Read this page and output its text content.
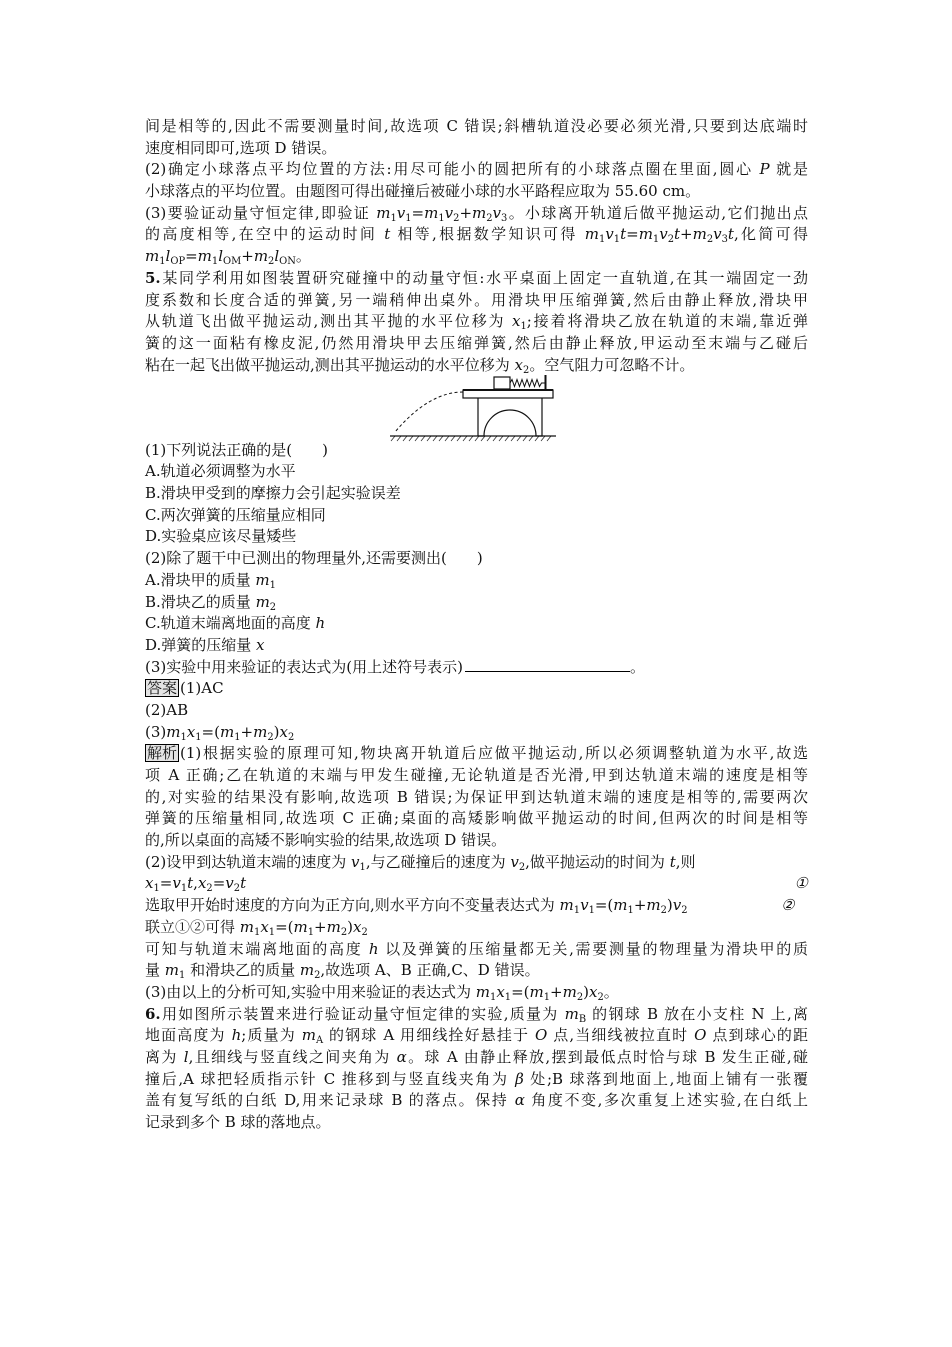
间是相等的,因此不需要测量时间,故选项 C 错误;斜槽轨道没必要必须光滑,只要到达底端时
速度相同即可,选项 D 错误。
(2)确定小球落点平均位置的方法:用尽可能小的圆把所有的小球落点圈在里面,圆心 P 就是
小球落点的平均位置。由题图可得出碰撞后被碰小球的水平路程应取为 55.60 cm。
(3)要验证动量守恒定律,即验证 $m_1v_1=m_1v_2+m_2v_3$。小球离开轨道后做平抛运动,它们抛出点
的高度相等,在空中的运动时间 t 相等,根据数学知识可得 $m_1v_1t=m_1v_2t+m_2v_3t$,化简可得
$m_1l_{OP}=m_1l_{OM}+m_2l_{ON}$。
5.某同学利用如图装置研究碰撞中的动量守恒:水平桌面上固定一直轨道,在其一端固定一劲
度系数和长度合适的弹簧,另一端稍伸出桌外。用滑块甲压缩弹簧,然后由静止释放,滑块甲
从轨道飞出做平抛运动,测出其平抛的水平位移为 $x_1$;接着将滑块乙放在轨道的末端,靠近弹
簧的这一面粘有橡皮泥,仍然用滑块甲去压缩弹簧,然后由静止释放,甲运动至末端与乙碰后
粘在一起飞出做平抛运动,测出其平抛运动的水平位移为 $x_2$。空气阻力可忽略不计。
(1)下列说法正确的是(　　)
A.轨道必须调整为水平
B.滑块甲受到的摩擦力会引起实验误差
C.两次弹簧的压缩量应相同
D.实验桌应该尽量矮些
(2)除了题干中已测出的物理量外,还需要测出(　　)
A.滑块甲的质量 $m_1$
B.滑块乙的质量 $m_2$
C.轨道末端离地面的高度 h
D.弹簧的压缩量 x
(3)实验中用来验证的表达式为(用上述符号表示)	。
答案 (1)AC
(2)AB
$(3)m_1x_1=(m_1+m_2)x_2$
解析 (1)根据实验的原理可知,物块离开轨道后应做平抛运动,所以必须调整轨道为水平,故选
项 A 正确;乙在轨道的末端与甲发生碰撞,无论轨道是否光滑,甲到达轨道末端的速度是相等
的,对实验的结果没有影响,故选项 B 错误;为保证甲到达轨道末端的速度是相等的,需要两次
弹簧的压缩量相同,故选项 C 正确;桌面的高矮影响做平抛运动的时间,但两次的时间是相等
的,所以桌面的高矮不影响实验的结果,故选项 D 错误。
(2)设甲到达轨道末端的速度为 $v_1$,与乙碰撞后的速度为 $v_2$,做平抛运动的时间为 t,则
①
$x_1=v_1t,x_2=v_2t$
②
选取甲开始时速度的方向为正方向,则水平方向不变量表达式为 $m_1v_1=(m_1+m_2)v_2$
联立①②可得 $m_1x_1=(m_1+m_2)x_2$
可知与轨道末端离地面的高度 h 以及弹簧的压缩量都无关,需要测量的物理量为滑块甲的质
量 $m_1$ 和滑块乙的质量 $m_2$,故选项 A、B 正确,C、D 错误。
(3)由以上的分析可知,实验中用来验证的表达式为 $m_1x_1=(m_1+m_2)x_2$。
6.用如图所示装置来进行验证动量守恒定律的实验,质量为 $m_B$ 的钢球 B 放在小支柱 N 上,离
地面高度为 h;质量为 $m_A$ 的钢球 A 用细线拴好悬挂于 O 点,当细线被拉直时 O 点到球心的距
离为 l,且细线与竖直线之间夹角为 α。球 A 由静止释放,摆到最低点时恰与球 B 发生正碰,碰
撞后,A 球把轻质指示针 C 推移到与竖直线夹角为 β 处;B 球落到地面上,地面上铺有一张覆
盖有复写纸的白纸 D,用来记录球 B 的落点。保持 α 角度不变,多次重复上述实验,在白纸上
记录到多个 B 球的落地点。
